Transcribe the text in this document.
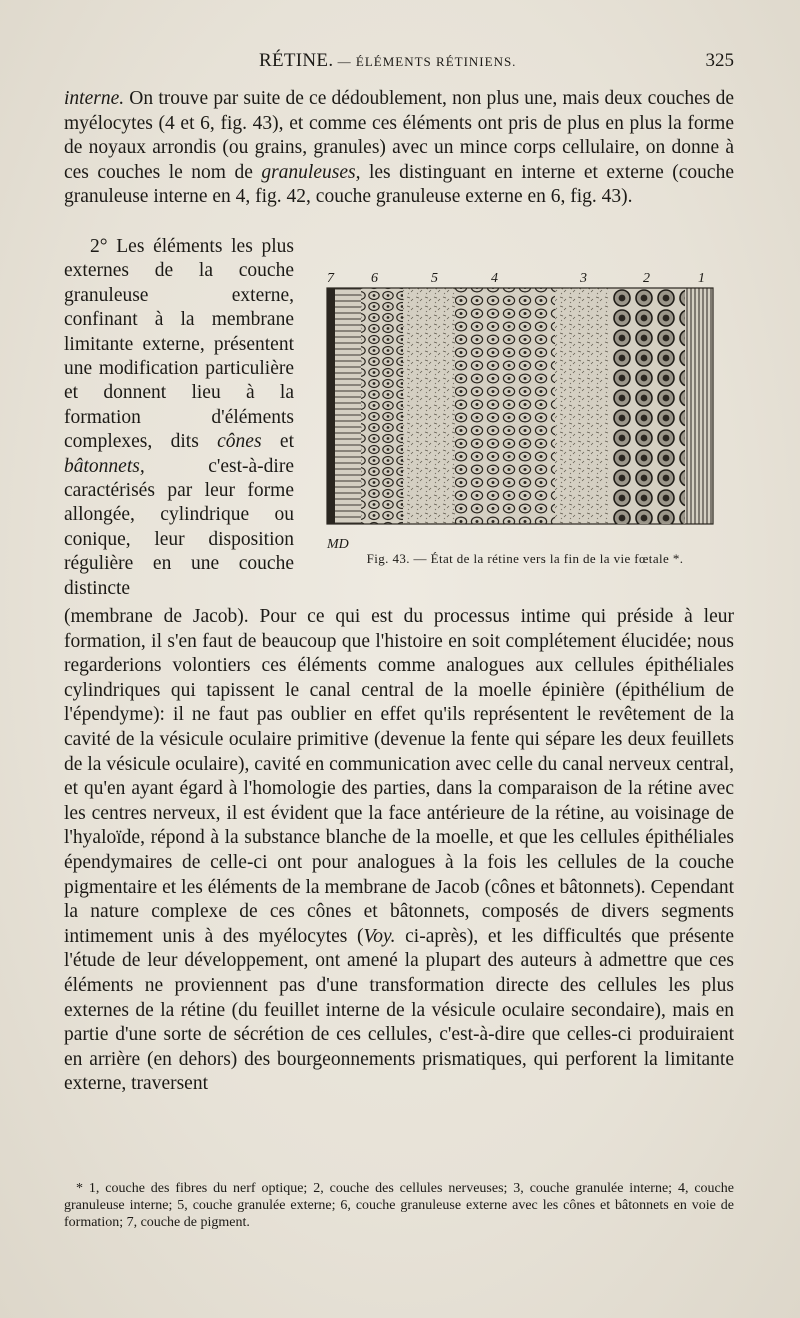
RÉTINE. — ÉLÉMENTS RÉTINIENS.	325

interne. On trouve par suite de ce dédoublement, non plus une, mais deux couches de myélocytes (4 et 6, fig. 43), et comme ces éléments ont pris de plus en plus la forme de noyaux arrondis (ou grains, granules) avec un mince corps cellulaire, on donne à ces couches le nom de granuleuses, les distinguant en interne et externe (couche granuleuse interne en 4, fig. 42, couche granuleuse externe en 6, fig. 43).

2° Les éléments les plus externes de la couche granuleuse externe, confinant à la membrane limitante externe, présentent une modification particulière et donnent lieu à la formation d'éléments complexes, dits cônes et bâtonnets, c'est-à-dire caractérisés par leur forme allongée, cylindrique ou conique, leur disposition régulière en une couche distincte

7	6	5	4	3	2	1
MD
Fig. 43. — État de la rétine vers la fin de la vie fœtale *.

(membrane de Jacob). Pour ce qui est du processus intime qui préside à leur formation, il s'en faut de beaucoup que l'histoire en soit complétement élucidée; nous regarderions volontiers ces éléments comme analogues aux cellules épithéliales cylindriques qui tapissent le canal central de la moelle épinière (épithélium de l'épendyme): il ne faut pas oublier en effet qu'ils représentent le revêtement de la cavité de la vésicule oculaire primitive (devenue la fente qui sépare les deux feuillets de la vésicule oculaire), cavité en communication avec celle du canal nerveux central, et qu'en ayant égard à l'homologie des parties, dans la comparaison de la rétine avec les centres nerveux, il est évident que la face antérieure de la rétine, au voisinage de l'hyaloïde, répond à la substance blanche de la moelle, et que les cellules épithéliales épendymaires de celle-ci ont pour analogues à la fois les cellules de la couche pigmentaire et les éléments de la membrane de Jacob (cônes et bâtonnets). Cependant la nature complexe de ces cônes et bâtonnets, composés de divers segments intimement unis à des myélocytes (Voy. ci-après), et les difficultés que présente l'étude de leur développement, ont amené la plupart des auteurs à admettre que ces éléments ne proviennent pas d'une transformation directe des cellules les plus externes de la rétine (du feuillet interne de la vésicule oculaire secondaire), mais en partie d'une sorte de sécrétion de ces cellules, c'est-à-dire que celles-ci produiraient en arrière (en dehors) des bourgeonnements prismatiques, qui perforent la limitante externe, traversent

* 1, couche des fibres du nerf optique; 2, couche des cellules nerveuses; 3, couche granulée interne; 4, couche granuleuse interne; 5, couche granulée externe; 6, couche granuleuse externe avec les cônes et bâtonnets en voie de formation; 7, couche de pigment.
